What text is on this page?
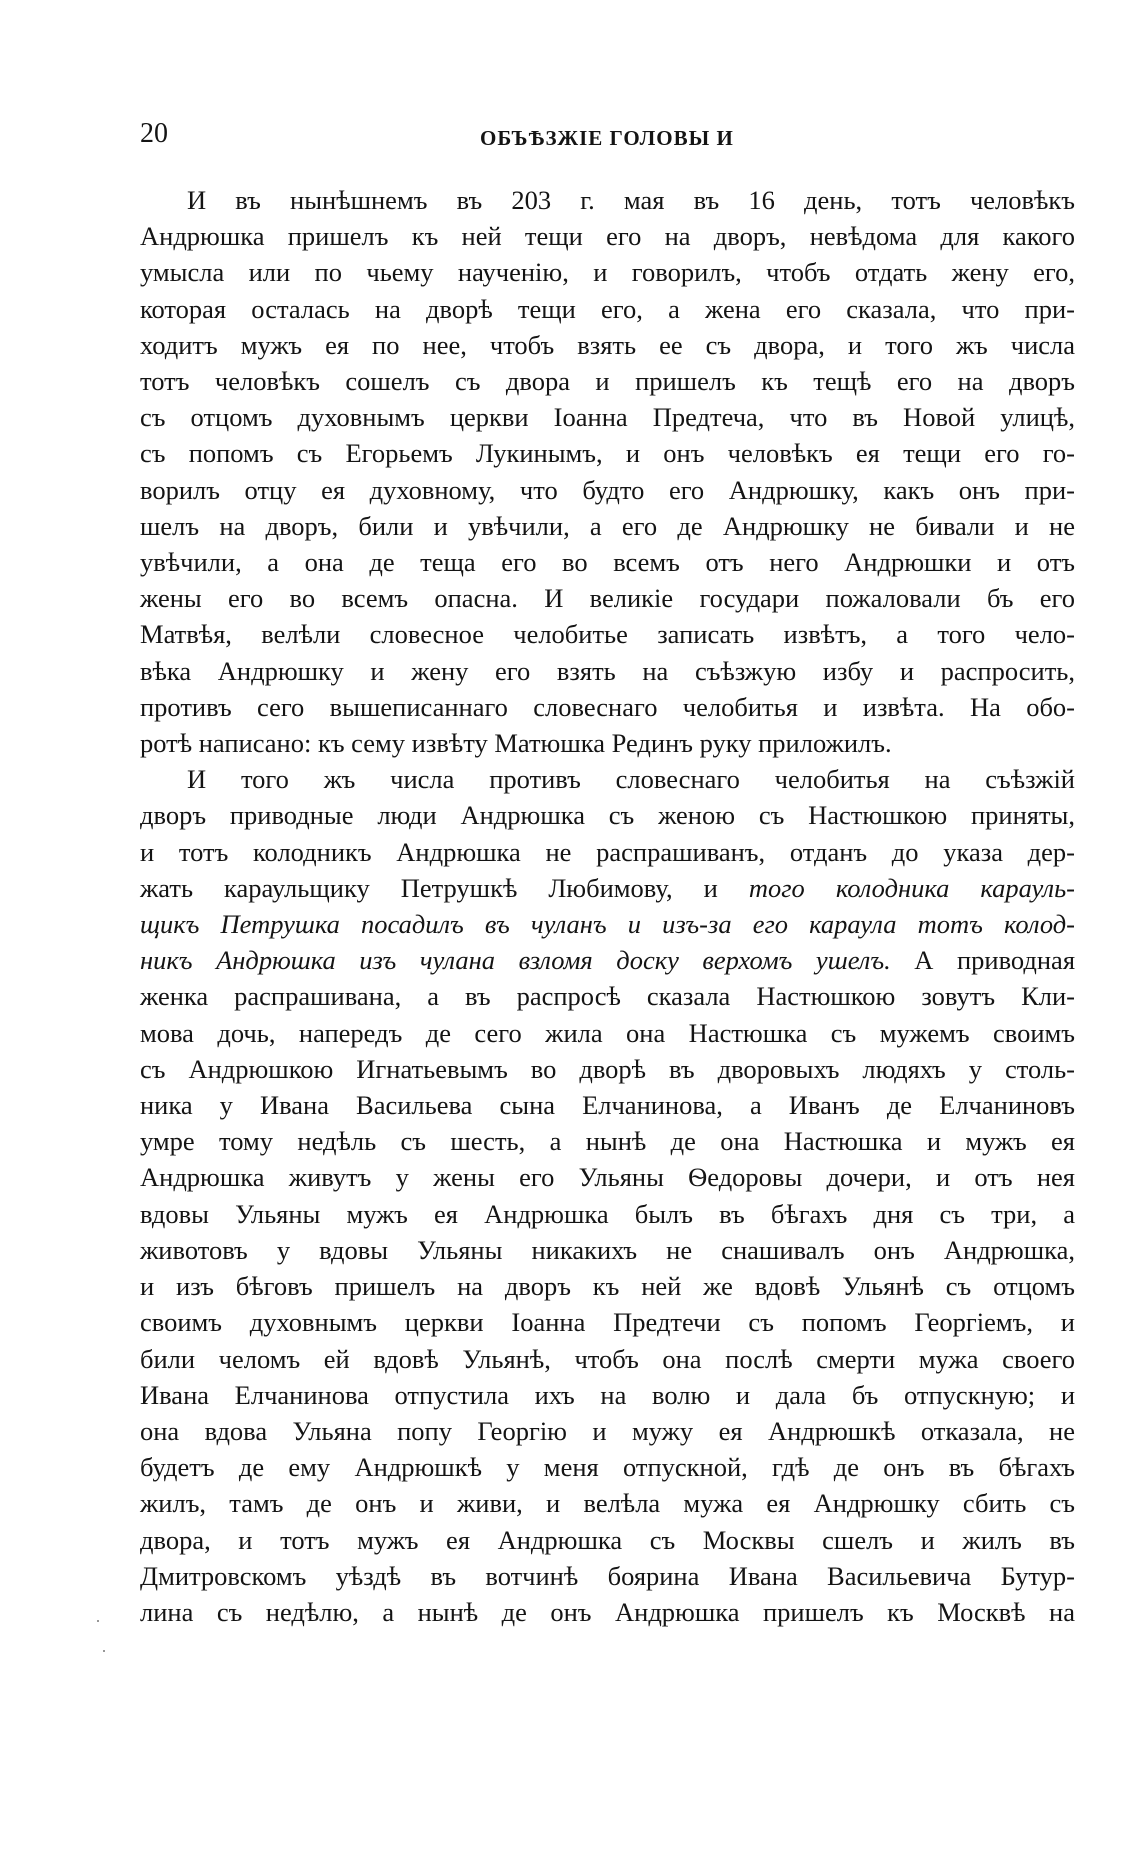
20	ОБЪѢЗЖІЕ ГОЛОВЫ И
И въ нынѣшнемъ въ 203 г. мая въ 16 день, тотъ человѣкъ
Андрюшка пришелъ къ ней тещи его на дворъ, невѣдома для какого
умысла или по чьему наученію, и говорилъ, чтобъ отдать жену его,
которая осталась на дворѣ тещи его, а жена его сказала, что при-
ходитъ мужъ ея по нее, чтобъ взять ее съ двора, и того жъ числа
тотъ человѣкъ сошелъ съ двора и пришелъ къ тещѣ его на дворъ
съ отцомъ духовнымъ церкви Іоанна Предтеча, что въ Новой улицѣ,
съ попомъ съ Егорьемъ Лукинымъ, и онъ человѣкъ ея тещи его го-
ворилъ отцу ея духовному, что будто его Андрюшку, какъ онъ при-
шелъ на дворъ, били и увѣчили, а его де Андрюшку не бивали и не
увѣчили, а она де теща его во всемъ отъ него Андрюшки и отъ
жены его во всемъ опасна. И великіе государи пожаловали бъ его
Матвѣя, велѣли словесное челобитье записать извѣтъ, а того чело-
вѣка Андрюшку и жену его взять на съѣзжую избу и распросить,
противъ сего вышеписаннаго словеснаго челобитья и извѣта. На обо-
ротѣ написано: къ сему извѣту Матюшка Рединъ руку приложилъ.
И того жъ числа противъ словеснаго челобитья на съѣзжій
дворъ приводные люди Андрюшка съ женою съ Настюшкою приняты,
и тотъ колодникъ Андрюшка не распрашиванъ, отданъ до указа дер-
жать караульщику Петрушкѣ Любимову, и того колодника карауль-
щикъ Петрушка посадилъ въ чуланъ и изъ-за его караула тотъ колод-
никъ Андрюшка изъ чулана взломя доску верхомъ ушелъ. А приводная
женка распрашивана, а въ распросѣ сказала Настюшкою зовутъ Кли-
мова дочь, напередъ де сего жила она Настюшка съ мужемъ своимъ
съ Андрюшкою Игнатьевымъ во дворѣ въ дворовыхъ людяхъ у столь-
ника у Ивана Васильева сына Елчанинова, а Иванъ де Елчаниновъ
умре тому недѣль съ шесть, а нынѣ де она Настюшка и мужъ ея
Андрюшка живутъ у жены его Ульяны Ѳедоровы дочери, и отъ нея
вдовы Ульяны мужъ ея Андрюшка былъ въ бѣгахъ дня съ три, а
животовъ у вдовы Ульяны никакихъ не снашивалъ онъ Андрюшка,
и изъ бѣговъ пришелъ на дворъ къ ней же вдовѣ Ульянѣ съ отцомъ
своимъ духовнымъ церкви Іоанна Предтечи съ попомъ Георгіемъ, и
били челомъ ей вдовѣ Ульянѣ, чтобъ она послѣ смерти мужа своего
Ивана Елчанинова отпустила ихъ на волю и дала бъ отпускную; и
она вдова Ульяна попу Георгію и мужу ея Андрюшкѣ отказала, не
будетъ де ему Андрюшкѣ у меня отпускной, гдѣ де онъ въ бѣгахъ
жилъ, тамъ де онъ и живи, и велѣла мужа ея Андрюшку сбить съ
двора, и тотъ мужъ ея Андрюшка съ Москвы сшелъ и жилъ въ
Дмитровскомъ уѣздѣ въ вотчинѣ боярина Ивана Васильевича Бутур-
лина съ недѣлю, а нынѣ де онъ Андрюшка пришелъ къ Москвѣ на
